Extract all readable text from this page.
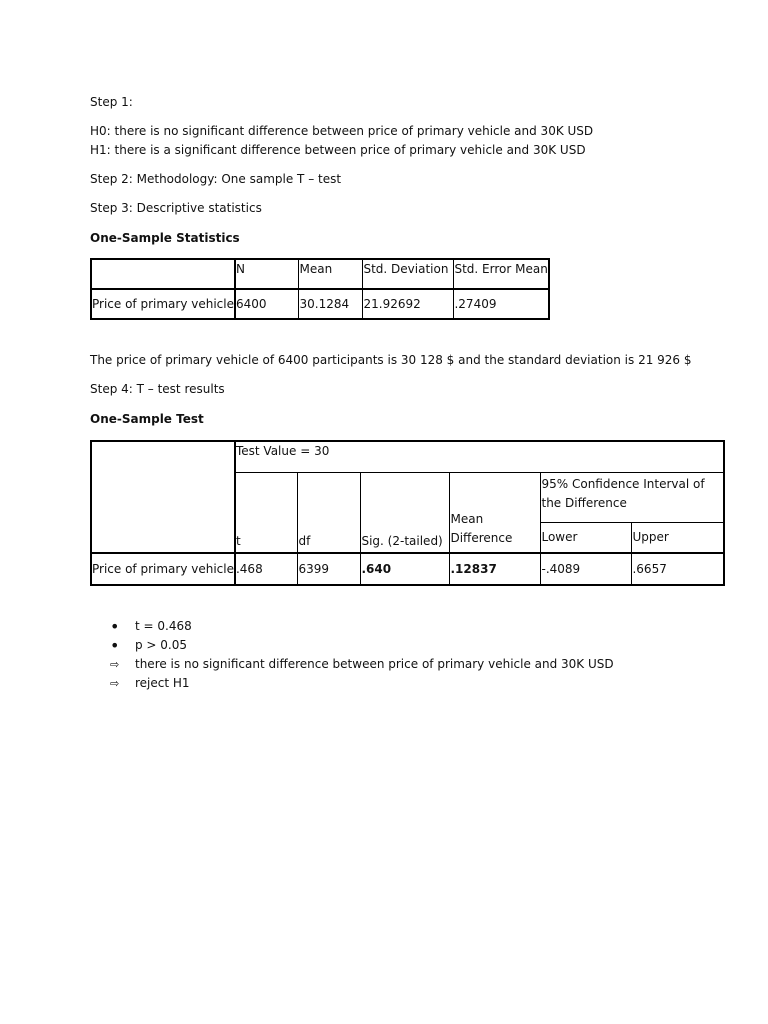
Step 1:
H0: there is no significant difference between price of primary vehicle and 30K USD
H1: there is a significant difference between price of primary vehicle and 30K USD
Step 2: Methodology: One sample T – test
Step 3: Descriptive statistics
One-Sample Statistics
	N	Mean	Std. Deviation	Std. Error Mean
Price of primary vehicle	6400	30.1284	21.92692	.27409
The price of primary vehicle of 6400 participants is 30 128 $ and the standard deviation is 21 926 $
Step 4: T – test results
One-Sample Test
	Test Value = 30					
	t	df	Sig. (2-tailed)	Mean Difference	95% Confidence Interval of the Difference	
					Lower	Upper
Price of primary vehicle	.468	6399	.640	.12837	-.4089	.6657
•	t = 0.468
•	p > 0.05
⇨	there is no significant difference between price of primary vehicle and 30K USD
⇨	reject H1
